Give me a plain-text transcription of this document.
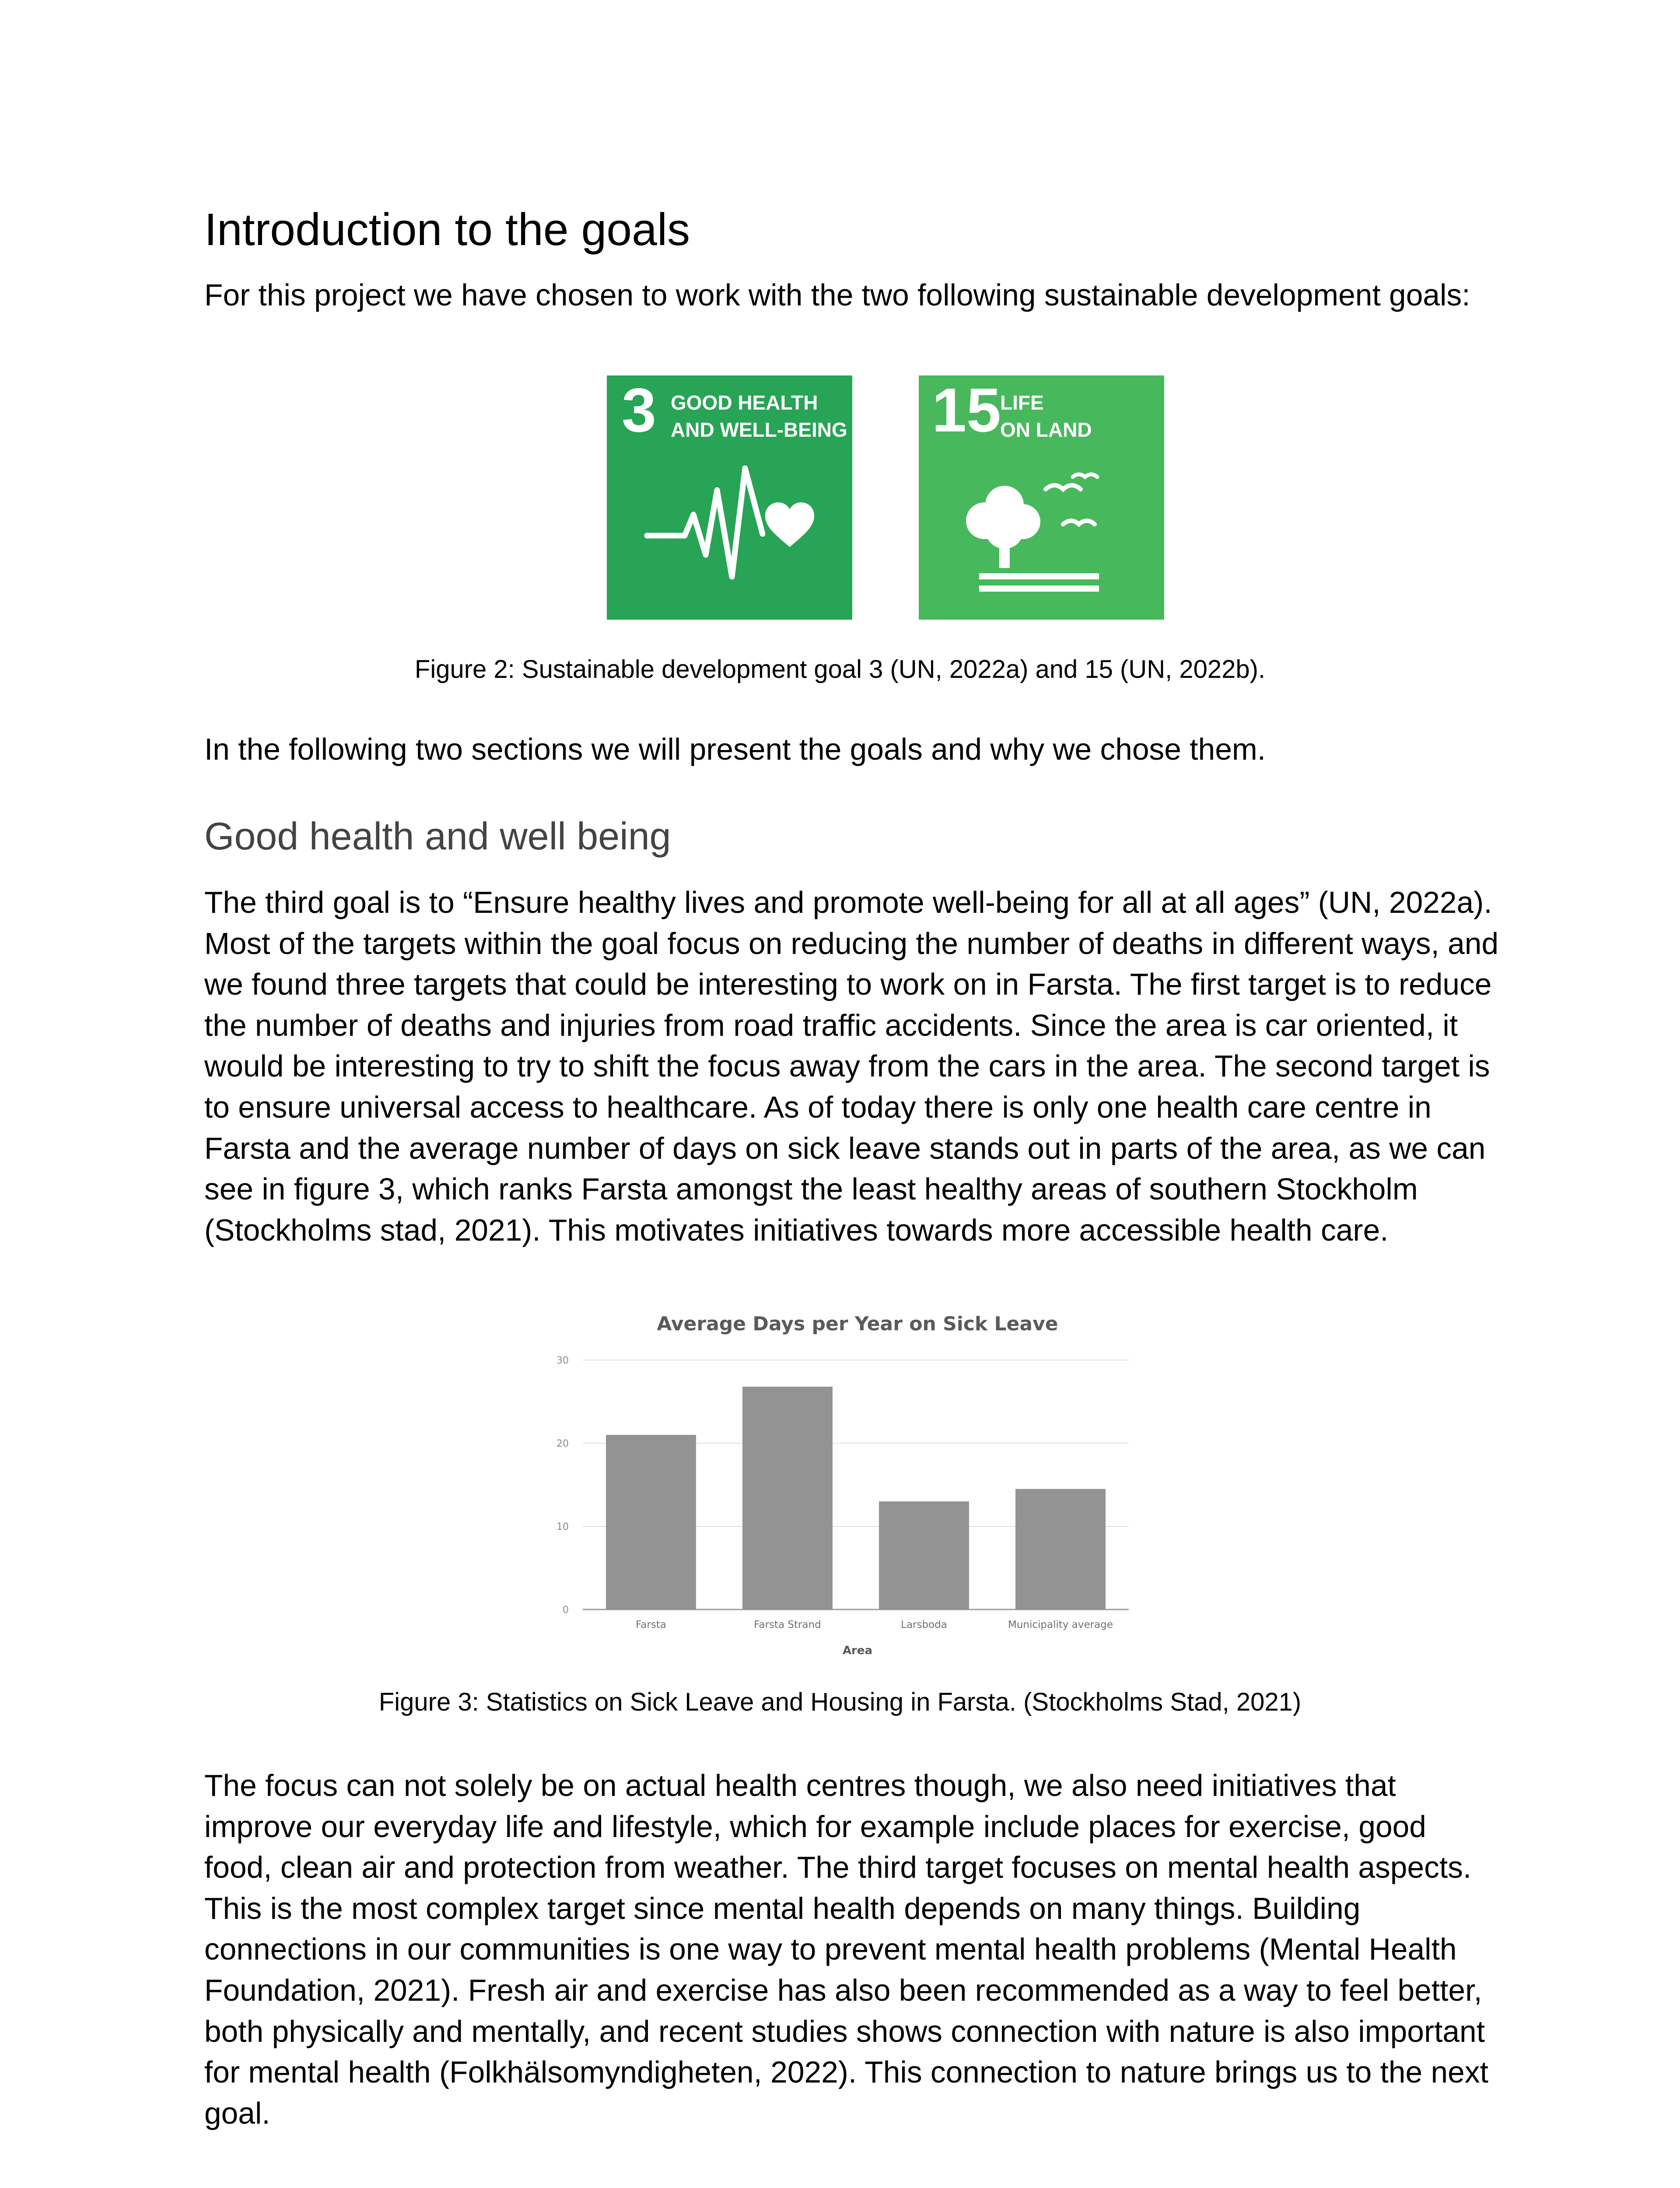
Introduction to the goals

For this project we have chosen to work with the two following sustainable development goals:

3 GOOD HEALTH
AND WELL-BEING 15
LIFE
ON LAND

Figure 2: Sustainable development goal 3 (UN, 2022a) and 15 (UN, 2022b).

In the following two sections we will present the goals and why we chose them.

Good health and well being

The third goal is to “Ensure healthy lives and promote well-being for all at all ages” (UN, 2022a). Most of the targets within the goal focus on reducing the number of deaths in different ways, and we found three targets that could be interesting to work on in Farsta. The first target is to reduce the number of deaths and injuries from road traffic accidents. Since the area is car oriented, it would be interesting to try to shift the focus away from the cars in the area. The second target is to ensure universal access to healthcare. As of today there is only one health care centre in Farsta and the average number of days on sick leave stands out in parts of the area, as we can see in figure 3, which ranks Farsta amongst the least healthy areas of southern Stockholm (Stockholms stad, 2021). This motivates initiatives towards more accessible health care.

Average Days per Year on Sick Leave
0
10
20
30
Farsta	Farsta Strand	Larsboda	Municipality average
Area

Figure 3: Statistics on Sick Leave and Housing in Farsta. (Stockholms Stad, 2021)

The focus can not solely be on actual health centres though, we also need initiatives that improve our everyday life and lifestyle, which for example include places for exercise, good food, clean air and protection from weather. The third target focuses on mental health aspects. This is the most complex target since mental health depends on many things. Building connections in our communities is one way to prevent mental health problems (Mental Health Foundation, 2021). Fresh air and exercise has also been recommended as a way to feel better, both physically and mentally, and recent studies shows connection with nature is also important for mental health (Folkhälsomyndigheten, 2022). This connection to nature brings us to the next goal.
